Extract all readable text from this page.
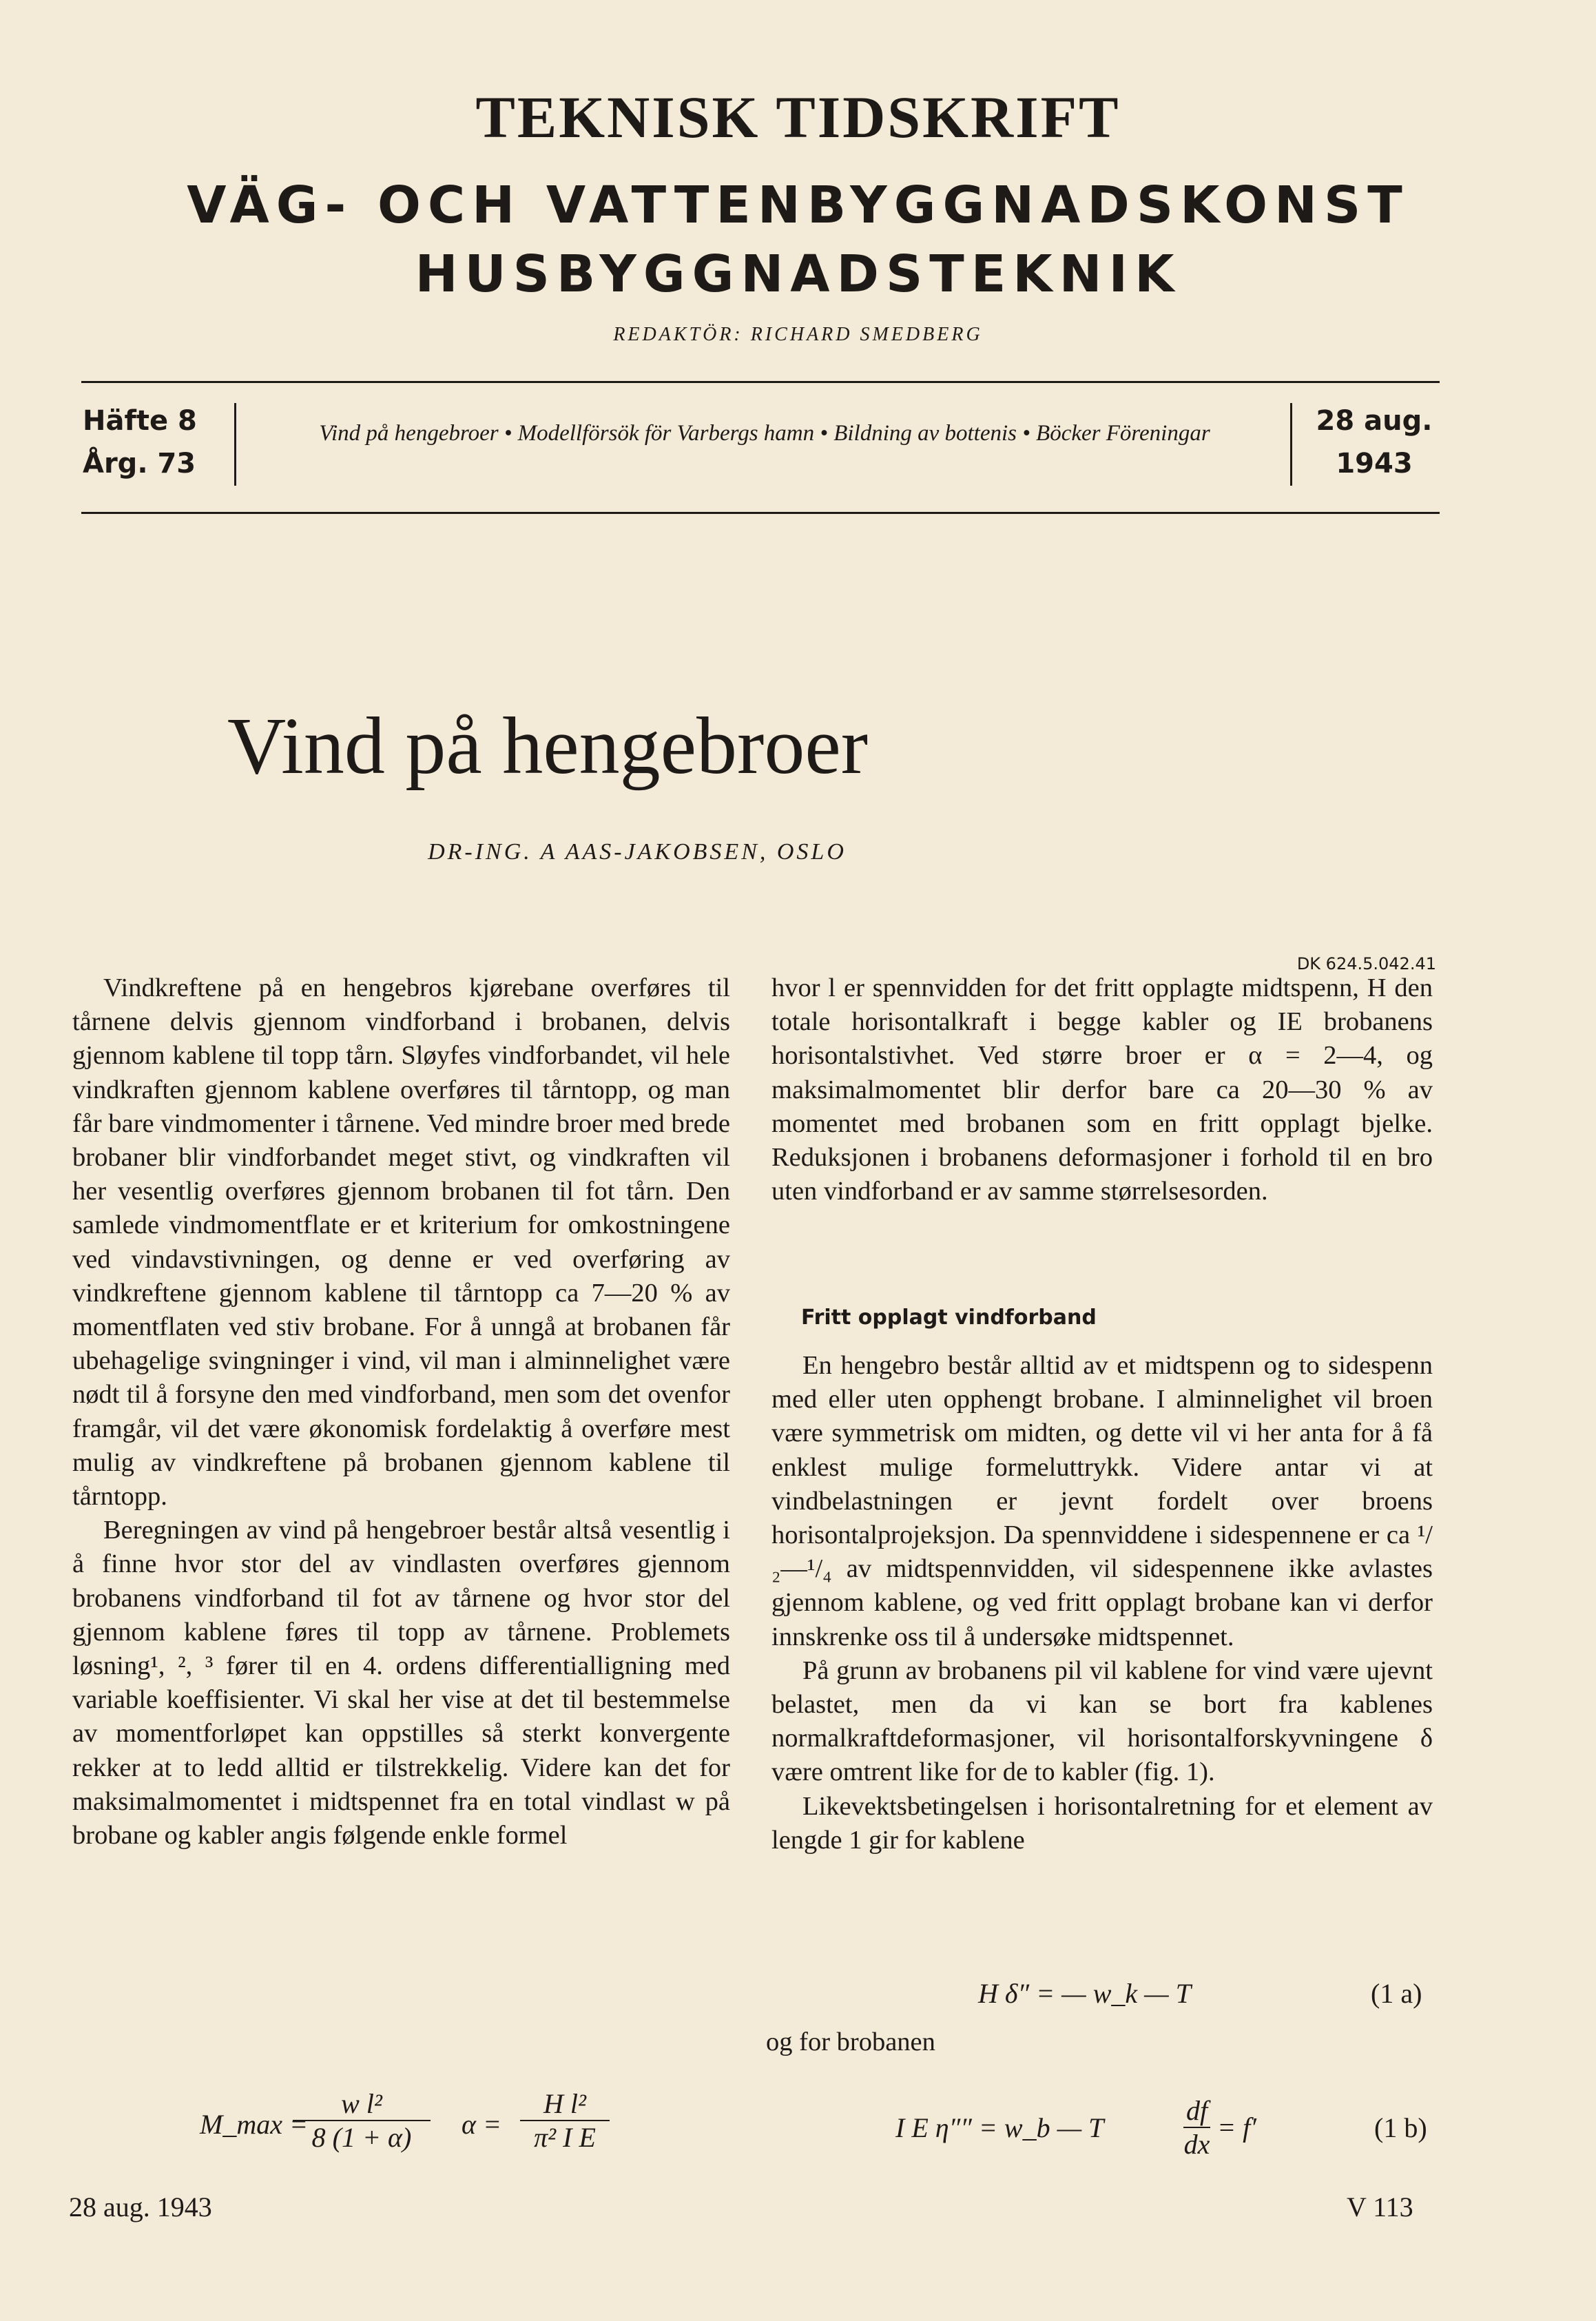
TEKNISK TIDSKRIFT
VÄG- OCH VATTENBYGGNADSKONST
HUSBYGGNADSTEKNIK
REDAKTÖR: RICHARD SMEDBERG
Häfte 8
Årg. 73
Vind på hengebroer • Modellförsök för Varbergs hamn • Bildning av bottenis • Böcker Föreningar	28 aug.
1943
Vind på hengebroer
DR-ING. A AAS-JAKOBSEN, OSLO
DK 624.5.042.41

Vindkreftene på en hengebros kjørebane overføres til tårnene delvis gjennom vindforband i brobanen, delvis gjennom kablene til topp tårn. Sløyfes vindforbandet, vil hele vindkraften gjennom kablene overføres til tårntopp, og man får bare vindmomenter i tårnene. Ved mindre broer med brede brobaner blir vindforbandet meget stivt, og vindkraften vil her vesentlig overføres gjennom brobanen til fot tårn. Den samlede vindmomentflate er et kriterium for omkostningene ved vindavstivningen, og denne er ved overføring av vindkreftene gjennom kablene til tårntopp ca 7—20 % av momentflaten ved stiv brobane. For å unngå at brobanen får ubehagelige svingninger i vind, vil man i alminnelighet være nødt til å forsyne den med vindforband, men som det ovenfor framgår, vil det være økonomisk fordelaktig å overføre mest mulig av vindkreftene på brobanen gjennom kablene til tårntopp.

Beregningen av vind på hengebroer består altså vesentlig i å finne hvor stor del av vindlasten overføres gjennom brobanens vindforband til fot av tårnene og hvor stor del gjennom kablene føres til topp av tårnene. Problemets løsning¹, ², ³ fører til en 4. ordens differentialligning med variable koeffisienter. Vi skal her vise at det til bestemmelse av momentforløpet kan oppstilles så sterkt konvergente rekker at to ledd alltid er tilstrekkelig. Videre kan det for maksimalmomentet i midtspennet fra en total vindlast w på brobane og kabler angis følgende enkle formel

hvor l er spennvidden for det fritt opplagte midtspenn, H den totale horisontalkraft i begge kabler og IE brobanens horisontalstivhet. Ved større broer er α = 2—4, og maksimalmomentet blir derfor bare ca 20—30 % av momentet med brobanen som en fritt opplagt bjelke. Reduksjonen i brobanens deformasjoner i forhold til en bro uten vindforband er av samme størrelsesorden.

Fritt opplagt vindforband

En hengebro består alltid av et midtspenn og to sidespenn med eller uten opphengt brobane. I alminnelighet vil broen være symmetrisk om midten, og dette vil vi her anta for å få enklest mulige formeluttrykk. Videre antar vi at vindbelastningen er jevnt fordelt over broens horisontalprojeksjon. Da spennviddene i sidespennene er ca ¹/₂—¹/₄ av midtspennvidden, vil sidespennene ikke avlastes gjennom kablene, og ved fritt opplagt brobane kan vi derfor innskrenke oss til å undersøke midtspennet.

På grunn av brobanens pil vil kablene for vind være ujevnt belastet, men da vi kan se bort fra kablenes normalkraftdeformasjoner, vil horisontalforskyvningene δ være omtrent like for de to kabler (fig. 1).

Likevektsbetingelsen i horisontalretning for et element av lengde 1 gir for kablene

H δ″ = — w_k — T	(1 a)
og for brobanen
I E η″″ = w_b — T	$\frac{df}{dx} = f'$	(1 b)
M_max =
$\frac{\text{w l²}}{8 (1 + \alpha)}$ $\alpha = \frac{\text{H l²}}{\text{π² I E}}$
28 aug. 1943	V 113
